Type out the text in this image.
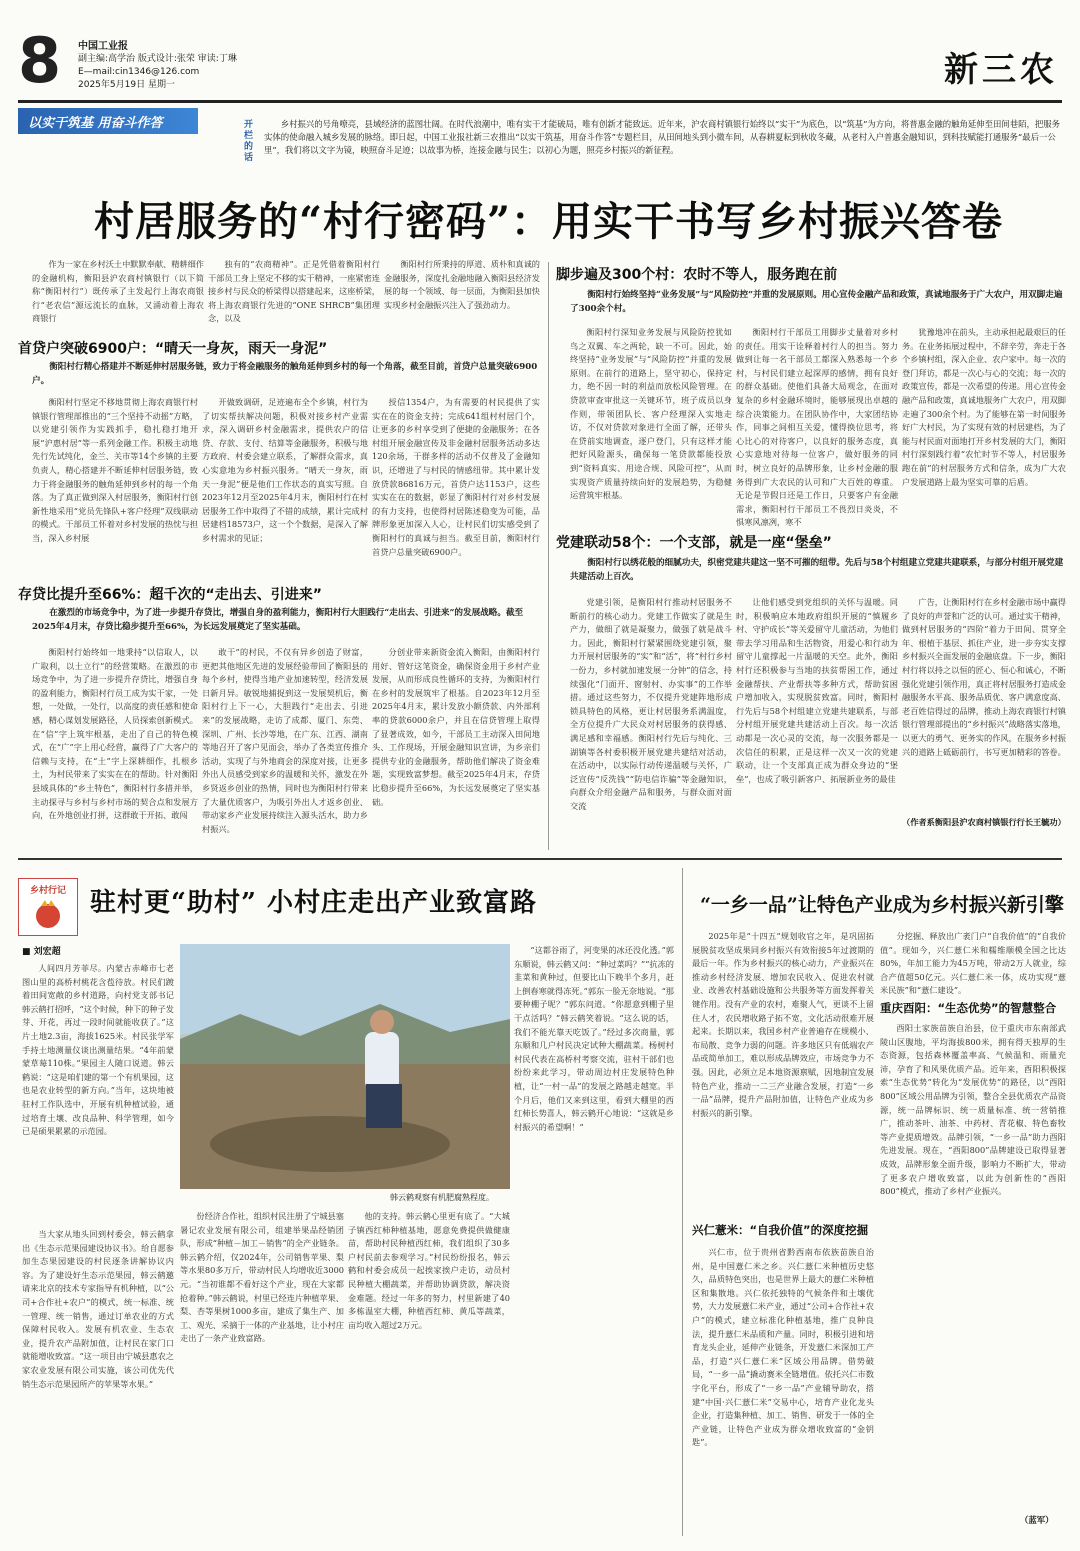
8 中国工业报
副主编:高学治 版式设计:张荣 审读:丁琳
E—mail:cin1346@126.com
2025年5月19日 星期一	新三农
以实干筑基 用奋斗作答	开栏的话
乡村振兴的号角嘹亮，县域经济的蓝图壮阔。在时代浪潮中，唯有实干才能破局，唯有创新才能致远。近年来，沪农商村镇银行始终以“实干”为底色，以“筑基”为方向，将普惠金融的触角延伸至田间巷陌，把服务实体的使命融入城乡发展的脉络。即日起，中国工业报社新三农推出“以实干筑基，用奋斗作答”专题栏目，从田间地头到小微车间，从春耕夏耘到秋收冬藏，从老村入户普惠金融知识，到科技赋能打通服务“最后一公里”，我们将以文字为镜，映照奋斗足迹；以故事为桥，连接金融与民生；以初心为题，照亮乡村振兴的新征程。
村居服务的“村行密码”：用实干书写乡村振兴答卷
作为一家在乡村沃土中默默奉献、精耕细作的金融机构，衡阳县沪农商村镇银行（以下简称“衡阳村行”）既传承了主发起行上海农商银行“老农信”源远流长的血脉，又涌动着上海农商银行
独有的“农商精神”。正是凭借着衡阳村行干部员工身上坚定不移的实干精神，一座紧密连接乡村与民众的桥梁得以搭建起来，这座桥梁，将上海农商银行先进的“ONE SHRCB”集团理念，以及
衡阳村行所秉持的厚道、质朴和真诚的金融服务，深度扎金融地融入衡阳县经济发展的每一个领域、每一层面，为衡阳县加快实现乡村金融振兴注入了强劲动力。
首贷户突破6900户：“晴天一身灰，雨天一身泥”
衡阳村行精心搭建并不断延伸村居服务链，致力于将金融服务的触角延伸到乡村的每一个角落，截至目前，首贷户总量突破6900户。
衡阳村行坚定不移地贯彻上海农商银行村镇银行管理部推出的“三个坚持不动摇”方略，以党建引领作为实践抓手，稳扎稳打地开展“沪惠村居”等一系列金融工作。积极主动地先行先试纯化，金兰、关市等14个乡镇的主要负责人，精心搭建并不断延伸村居服务链，致力于将金融服务的触角延伸到乡村的每一个角落。为了真正做到深入村居服务，衡阳村行创新性地采用“党员先锋队+客户经理”双线联动的模式。干部员工怀着对乡村发展的热忱与担当，深入乡村展
开做致调研，足迹遍布全个乡镇，村行为了切实帮扶解决问题，积极对接乡村产业需求，深入调研乡村金融需求，提供农户的信贷、存款、支付、结算等金融服务，积极与地方政府、村委会建立联系，了解群众需求，真心实意地为乡村振兴服务。“晴天一身灰，雨天一身泥”便是他们工作状态的真实写照。自2023年12月至2025年4月末，衡阳村行在村居服务工作中取得了不错的成绩，累计完成村居建档18573户，这一个个数据，是深入了解乡村需求的见证；
授信1354户，为有需要的村民提供了实实在在的资金支持；完成641组村村居门个，让更多的乡村享受到了便捷的金融服务；在各村组开展金融宣传及非金融村居服务活动多达120余场，干群多样的活动不仅普及了金融知识，还增进了与村民的情感纽带。其中累计发放贷款86816万元，首贷户达1153户，这些实实在在的数据，彰显了衡阳村行对乡村发展的有力支持，也使得村居陈述稳变为可能，品牌形象更加深入人心，让村民们切实感受到了衡阳村行的真诚与担当。截至目前，衡阳村行首贷户总量突破6900户。
存贷比提升至66%：超千次的“走出去、引进来”
在激烈的市场竞争中，为了进一步提升存贷比，增强自身的盈利能力，衡阳村行大胆践行“走出去、引进来”的发展战略。截至2025年4月末，存贷比稳步提升至66%，为长远发展奠定了坚实基础。
衡阳村行始终如一地秉持“以信取人，以广取利，以土立行”的经营策略。在激烈的市场竞争中，为了进一步提升存贷比，增强自身的盈利能力，衡阳村行员工成为实干家，一处想，一处做，一处行，以高度的责任感和使命感，精心谋划发展路径，人员探索创新模式。在“信”字上筑牢根基，走出了自己的特色模式，在“广”字上用心经营，赢得了广大客户的信赖与支持，在“土”字上深耕细作，扎根乡土，为村民带来了实实在在的帮助。针对衡阳县域具体的“乡土特色”，衡阳村行多措并举，主动探寻与乡村与乡村市场的契合点和发展方向，在外地创业打拼，这群敢于开拓、敢闯
敢干”的村民，不仅有异乡创造了财富，更把其他地区先进的发展经验带回了衡阳县的每个乡村，使得当地产业加速转型，经济发展日新月异。敏锐地捕捉到这一发展契机后，衡阳村行上下一心，大胆践行“走出去、引进来”的发展战略，走访了成都、厦门、东莞、深圳、广州、长沙等地，在广东、江西、湖南等地召开了客户见面会，举办了各类宣传推介活动，实现了与外地商会的深度对接，让更多外出人员感受到家乡的温暖和关怀，激发在外乡贤返乡创业的热情，同时也为衡阳村行带来了大量优质客户，为吸引外出人才返乡创业、带动家乡产业发展持续注入源头活水，助力乡村振兴。
分创业带来新资金流入衡阳，由衡阳村行用好、管好这笔资金，确保资金用于乡村产业发展，从而形成良性循环的支持，为衡阳村行在乡村的发展筑牢了根基。自2023年12月至2025年4月末，累计发放小额贷款、内外部利率的贷款6000余户，并且在信贷管理上取得了显著成效，如今，干部员工主动深入田间地头、工作现场，开展金融知识宣讲，为乡亲们提供专业的金融服务，帮助他们解决了资金难题，实现致富梦想。截至2025年4月末，存贷比稳步提升至66%，为长远发展奠定了坚实基础。
脚步遍及300个村：农时不等人，服务跑在前
衡阳村行始终坚持“业务发展”与“风险防控”并重的发展原则。用心宣传金融产品和政策，真诚地服务于广大农户，用双脚走遍了300余个村。
衡阳村行深知业务发展与风险防控犹如鸟之双翼、车之两轮，缺一不可。因此，始终坚持“业务发展”与“风险防控”并重的发展原则。在前行的道路上，坚守初心，保持定力，绝不因一时的利益而放松风险管理。在贷款审查审批这一关键环节，班子成员以身作则，带领团队长、客户经理深入实地走访，不仅对贷款对象进行全面了解，还带头在贷前实地调查，逐户登门，只有这样才能把好风险源头，确保每一笔贷款都能投放到“资料真实、用途合规、风险可控”，从而实现资产质量持续向好的发展趋势，为稳健运营筑牢根基。
衡阳村行干部员工用脚步丈量着对乡村的责任。用实干诠释着村行人的担当。努力做到让每一名干部员工都深入熟悉每一个乡村，与村民们建立起深厚的感情，拥有良好的群众基础。使他们具备大局观念，在面对复杂的乡村金融环境时，能够展现出卓越的综合决策能力。在团队协作中，大家团结协作，同事之间相互关爱，懂得换位思考，将心比心的对待客户，以良好的服务态度，真心实意地对待每一位客户，做好服务的同时，树立良好的品牌形象，让乡村金融的服务得到广大农民的认可和广大百姓的尊重。无论是节假日还是工作日，只要客户有金融需求，衡阳村行干部员工不畏烈日炎炎，不惧寒风凛冽，寒不
犹豫地冲在前头，主动承担起最艰巨的任务。在业务拓展过程中，不辞辛劳，奔走于各个乡镇村组，深入企业、农户家中。每一次的登门拜访，都是一次心与心的交流；每一次的政策宣传，都是一次希望的传递。用心宣传金融产品和政策，真诚地服务广大农户，用双脚走遍了300余个村。为了能够在第一时间服务好广大村民，为了实现有效的村居建档，为了能与村民面对面地打开乡村发展的大门，衡阳村行深刻践行着“农忙时节不等人，村居服务跑在前”的村居服务方式和信条，成为广大农户发展道路上最为坚实可靠的后盾。
党建联动58个：一个支部，就是一座“堡垒”
衡阳村行以绣花般的细腻功夫，织密党建共建这一坚不可摧的纽带。先后与58个村组建立党建共建联系，与部分村组开展党建共建活动上百次。
党建引领，是衡阳村行推动村居服务不断前行的核心动力。党建工作做实了就是生产力，做细了就是凝聚力，做强了就是战斗力。因此，衡阳村行紧紧围绕党建引领，聚力开展村居服务的“实”和“活”，将“村行乡村一份力，乡村就加速发展一分钟”的信念，持续强化“门面开、窗射村、办实事”的工作举措。通过这些努力，不仅提升党建阵地形成锁具特色的风格，更让村居服务系满温度，全方位提升广大民众对村居服务的获得感、满足感和幸福感。衡阳村行先后与纯化、三湖镇等各村委积极开展党建共建结对活动，在活动中，以实际行动传递温暖与关怀，广泛宣传“反洗钱”“防电信诈骗”等金融知识，向群众介绍金融产品和服务，与群众面对面交流
让他们感受到党组织的关怀与温暖。同时，积极响应本地政府组织开展的“慎履乡村、守护成长”等关爱留守儿童活动，为他们带去学习用品和生活物资，用爱心和行动为留守儿童撑起一片温暖的天空。此外，衡阳村行还积极参与当地的扶贫帮困工作，通过金融帮扶、产业帮扶等多种方式，帮助贫困户增加收入，实现脱贫致富。同时，衡阳村行先后与58个村组建立党建共建联系，与部分村组开展党建共建活动上百次。每一次活动都是一次心灵的交流，每一次服务都是一次信任的积累，正是这样一次又一次的党建联动，让一个支部真正成为群众身边的“堡垒”，也成了吸引新客户、拓展新业务的最佳
广告，让衡阳村行在乡村金融市场中赢得了良好的声誉和广泛的认可。通过实干精神，做到村居服务的“四阶”着力于田间、贯穿全年、根植于基层、抓住产业，进一步夯实支撑乡村振兴全面发展的金融底盘。下一步，衡阳村行将以持之以恒的匠心、恒心和诚心，不断强化党建引领作用，真正将村居服务打造成金融服务水平高、服务品质优、客户满意度高、老百姓信得过的品牌，推动上海农商银行村镇银行管理部提出的“乡村振兴”战略落实落地，以更大的勇气、更务实的作风，在服务乡村振兴的道路上砥砺前行，书写更加精彩的答卷。
（作者系衡阳县沪农商村镇银行行长王毓功）
乡村行记 驻村更“助村” 小村庄走出产业致富路
■ 刘宏超
人间四月芳菲尽。内蒙古赤峰市七老图山里的高桥村桃花含苞待放。村民们踱着田间宽敞的乡村道路，向村党支部书记韩云鹤打招呼，“这个时候，种下的种子发芽、开花，再过一段时间就能收获了。”这片土地2.3亩，海拔1625米。村民张学军手持土地测量仪谈出测量结果。“4年前蒙蒙草莓110株。”果园主人随口说道。韩云鹤说：“这是咱们建的第一个有机果园，这也是农业转型的新方向。”当年，这块地被驻村工作队选中，开展有机种植试验，通过培育土壤、改良品种、科学管理，如今已是硕果累累的示范园。
当大家从地头回到村委会，韩云鹤拿出《生态示范果园建设协议书》。给自愿参加生态果园建设的村民逐条讲解协议内容。为了建设好生态示范果园，韩云鹤邀请来北京的技术专家指导有机种植，以“公司+合作社+农户”的模式，统一标准、统一管理、统一销售，通过订单农业的方式保障村民收入。发展有机农业、生态农业，提升农产品附加值，让村民在家门口就能增收致富。“这一项目由宁城县惠农之家农业发展有限公司实施，该公司优先代销生态示范果园所产的苹果等水果。”
韩云鹤观察有机肥腐熟程度。
份经济合作社，组织村民注册了宁城县塞暑记农业发展有限公司，组建举果品经销团队，形成“种植－加工－销售”的全产业链条。韩云鹤介绍，仅2024年，公司销售苹果、梨等水果80多万斤，带动村民人均增收近3000元。“当初谁都不看好这个产业，现在大家都抢着种。”韩云鹤说，村里已经连片种植苹果、梨、杏等果树1000多亩，建成了集生产、加工、观光、采摘于一体的产业基地，让小村庄走出了一条产业致富路。
他的支持。韩云鹤心里更有底了。“大城子镇西红柿种植基地，愿意免费提供做健康苗，帮助村民种植西红柿，我们组织了30多户村民前去参观学习。”村民纷纷报名，韩云鹤和村委会成员一起挨家挨户走访，动员村民种植大棚蔬菜，并帮助协调贷款，解决资金难题。经过一年多的努力，村里新建了40多栋温室大棚，种植西红柿、黄瓜等蔬菜，亩均收入超过2万元。
“这都谷雨了，河变果的冰还没化透。”郭东顺说，韩云鹤又问：“种过菜吗？”“抗冻的韭菜和黄种过，但要比山下晚半个多月，赶上倒春寒就得冻死。”郭东一脸无奈地说。“那要种棚子呢？”郭东问道。“你愿意到棚子里干点活吗？”韩云鹤笑着说。“这么说的话，我们不能光靠天吃饭了。”经过多次商量，郭东顺和几户村民决定试种大棚蔬菜。杨树村村民代表在高桥村考察交流，驻村干部们也纷纷来此学习，带动周边村庄发展特色种植，让“一村一品”的发展之路越走越宽。半个月后，他们又来到这里，看到大棚里的西红柿长势喜人，韩云鹤开心地说：“这就是乡村振兴的希望啊！”
“一乡一品”让特色产业成为乡村振兴新引擎
2025年是“十四五”规划收官之年，是巩固拓展脱贫攻坚成果同乡村振兴有效衔接5年过渡期的最后一年。作为乡村振兴的核心动力，产业振兴在推动乡村经济发展、增加农民收入、促进农村就业、改善农村基础设施和公共服务等方面发挥着关键作用。没有产业的农村，难聚人气，更谈不上留住人才，农民增收路子拓不宽，文化活动很难开展起来。长期以来，我国乡村产业普遍存在规模小、布局散、竞争力弱的问题。许多地区只有低端农产品或简单加工，难以形成品牌效应，市场竞争力不强。因此，必须立足本地资源禀赋，因地制宜发展特色产业，推动一二三产业融合发展，打造“一乡一品”品牌，提升产品附加值，让特色产业成为乡村振兴的新引擎。
分挖掘、释放出广袤门户“自我价值”的“自我价值”。现如今，兴仁薏仁米和糯维顺模全国之比达80%，年加工能力为45万吨，带动2万人就业，综合产值超50亿元。兴仁薏仁米一体，成功实现“薏米民族”和“薏仁建设”。
兴仁薏米：“自我价值”的深度挖掘
兴仁市，位于贵州省黔西南布依族苗族自治州，是中国薏仁米之乡。兴仁薏仁米种植历史悠久，品质特色突出，也是世界上最大的薏仁米种植区和集散地。兴仁依托独特的气候条件和土壤优势，大力发展薏仁米产业，通过“公司+合作社+农户”的模式，建立标准化种植基地，推广良种良法，提升薏仁米品质和产量。同时，积极引进和培育龙头企业，延伸产业链条，开发薏仁米深加工产品，打造“兴仁薏仁米”区域公用品牌。借势破局，“一乡一品”撬动赛米全链增值。依托兴仁市数字化平台，形成了“一乡一品”产业辅导助农，搭建“中国·兴仁薏仁米”交易中心，培育产业化龙头企业，打造集种植、加工、销售、研发于一体的全产业链，让特色产业成为群众增收致富的“金钥匙”。
重庆酉阳：“生态优势”的智慧整合
酉阳土家族苗族自治县，位于重庆市东南部武陵山区腹地，平均海拔800米，拥有得天独厚的生态资源，包括森林覆盖率高、气候温和、雨量充沛，孕育了和风果优质产品。近年来，酉阳积极探索“生态优势”转化为“发展优势”的路径，以“酉阳800”区域公用品牌为引领，整合全县优质农产品资源，统一品牌标识、统一质量标准、统一营销推广，推动茶叶、油茶、中药材、青花椒、特色畜牧等产业提质增效。品牌引领，“一乡一品”助力酉阳先进发展。现在，“酉阳800”品牌建设已取得显著成效，品牌形象全面升级，影响力不断扩大，带动了更多农户增收致富，以此为创新性的“酉阳800”模式，推动了乡村产业振兴。
（蓝军）
